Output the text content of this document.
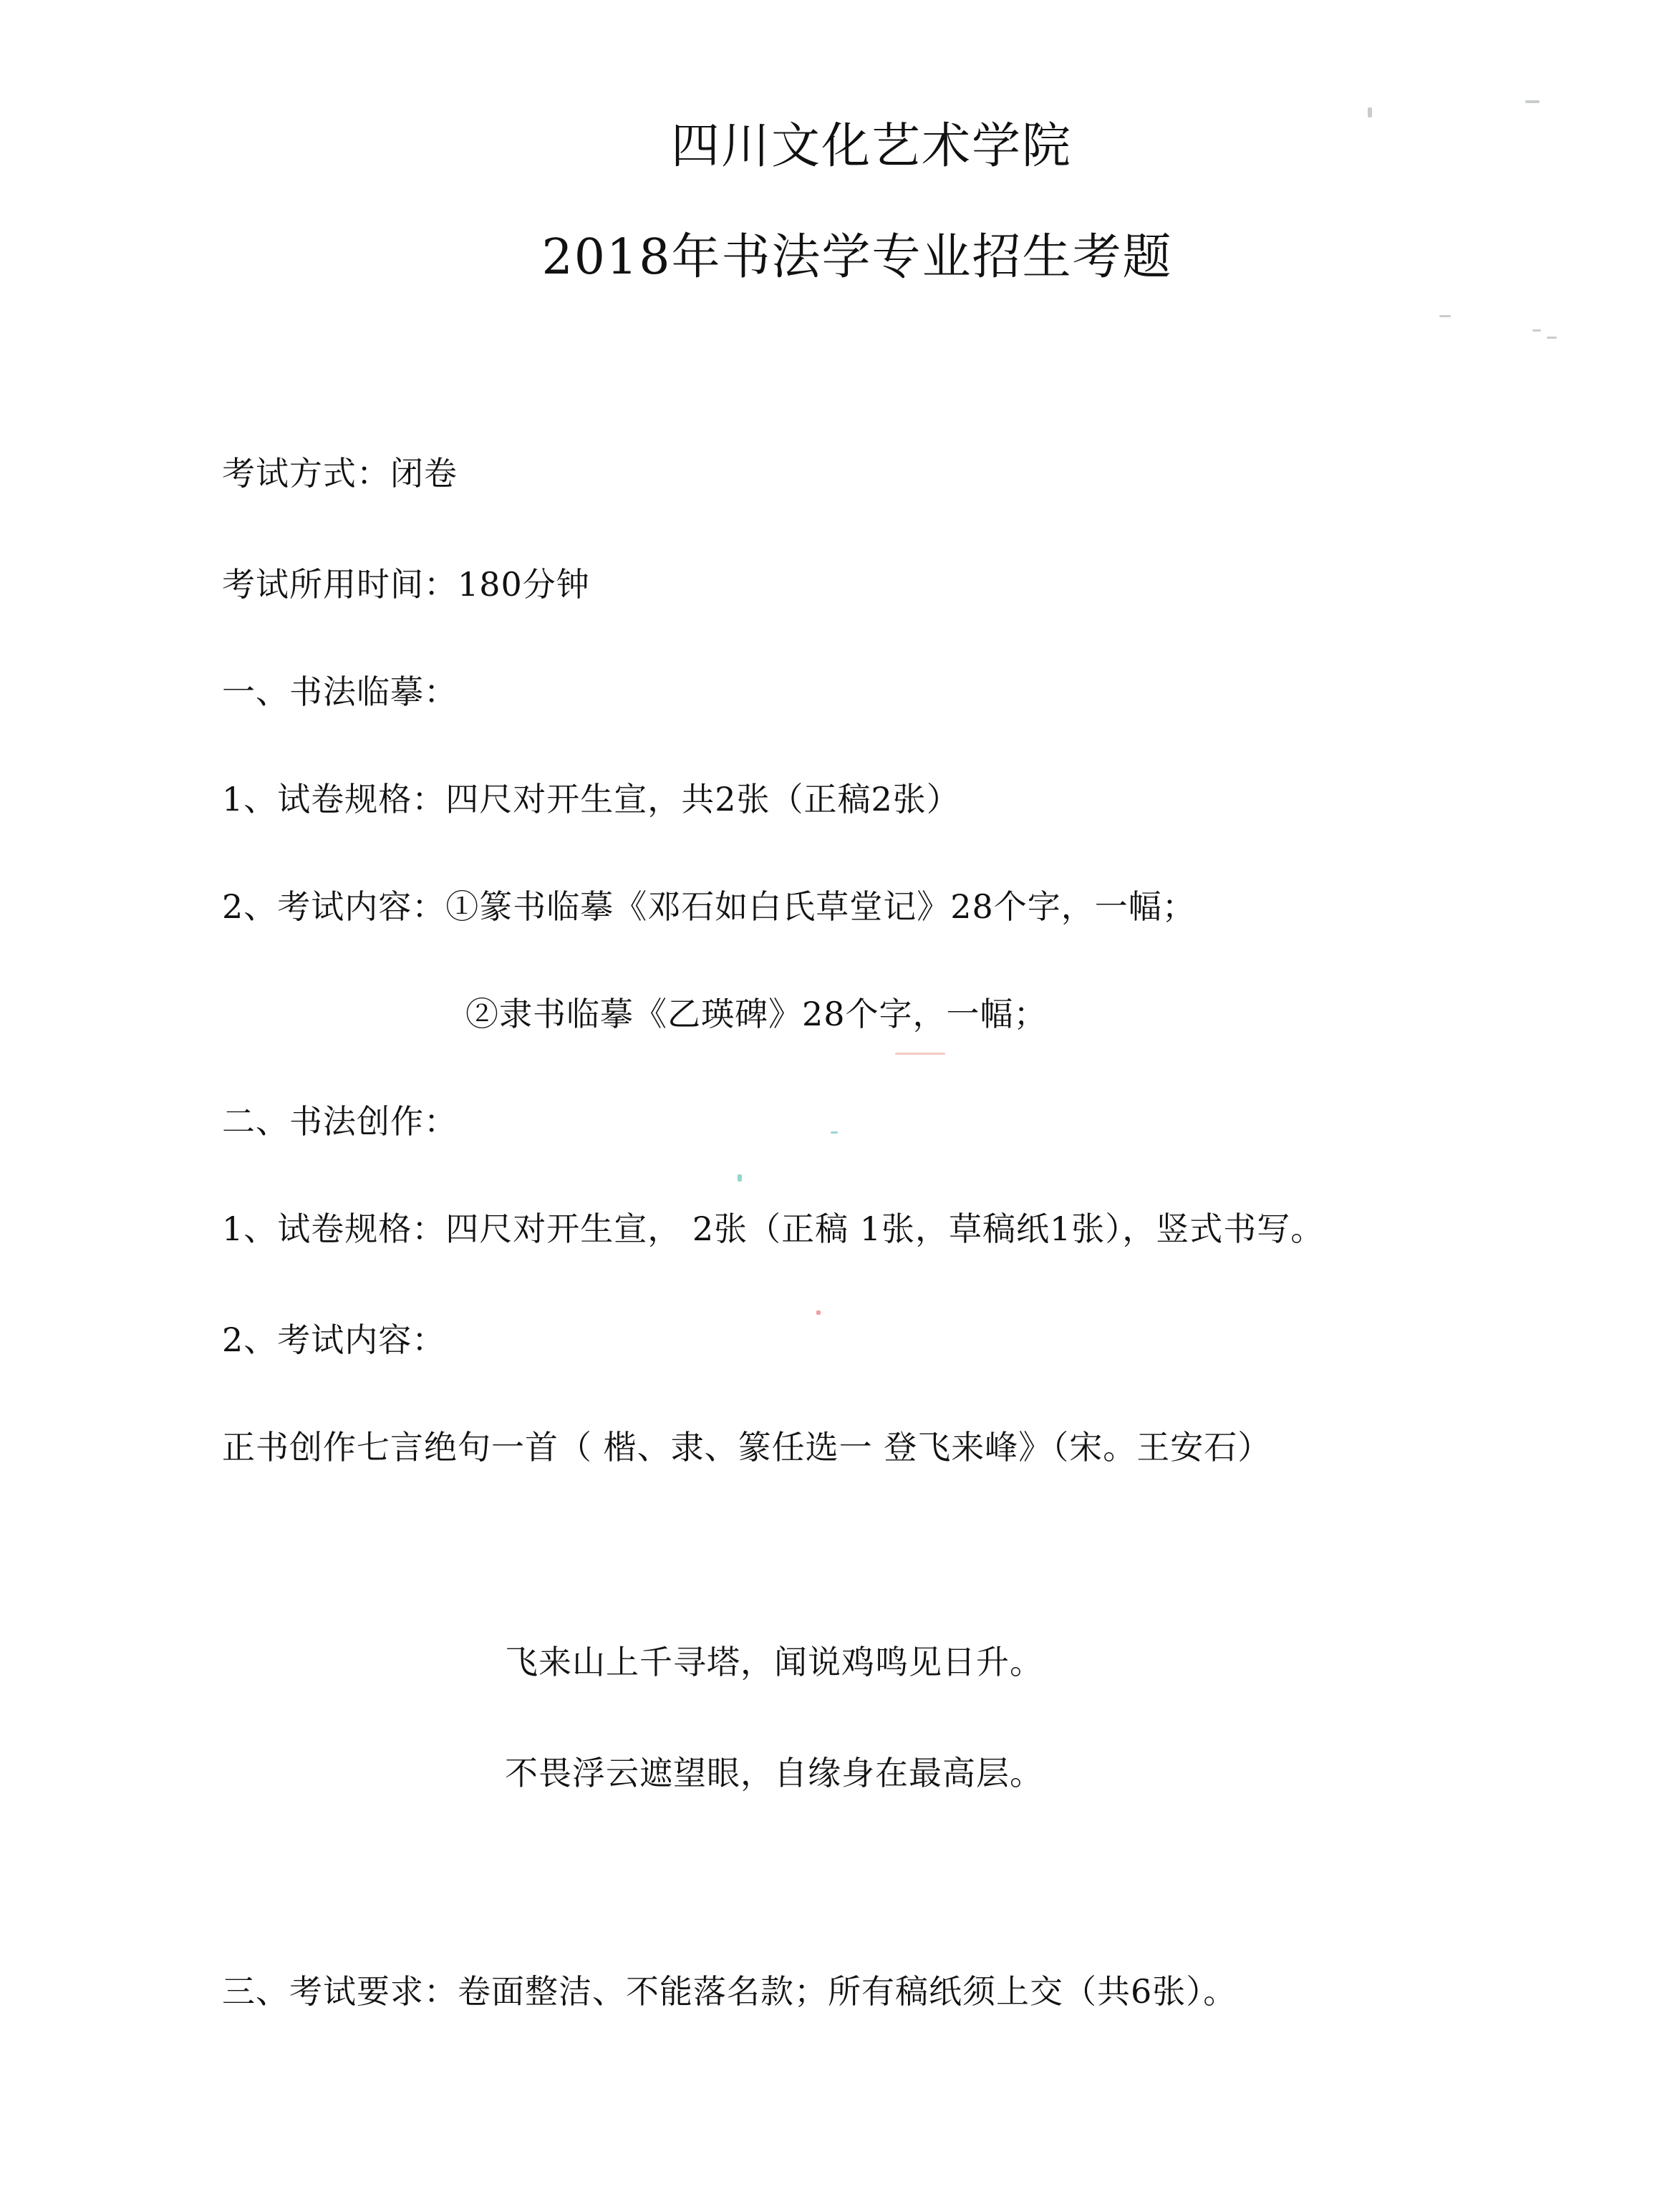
四川文化艺术学院
2018年书法学专业招生考题
考试方式：闭卷
考试所用时间：180分钟
一、书法临摹：
1、试卷规格：四尺对开生宣，共2张（正稿2张）
2、考试内容：①篆书临摹《邓石如白氏草堂记》28个字，一幅；
②隶书临摹《乙瑛碑》28个字，一幅；
二、书法创作：
1、试卷规格：四尺对开生宣， 2张（正稿 1张，草稿纸1张），竖式书写。
2、考试内容：
正书创作七言绝句一首（ 楷、隶、篆任选一 登飞来峰》（宋。王安石）
飞来山上千寻塔，闻说鸡鸣见日升。
不畏浮云遮望眼，自缘身在最高层。
三、考试要求：卷面整洁、不能落名款；所有稿纸须上交（共6张）。
